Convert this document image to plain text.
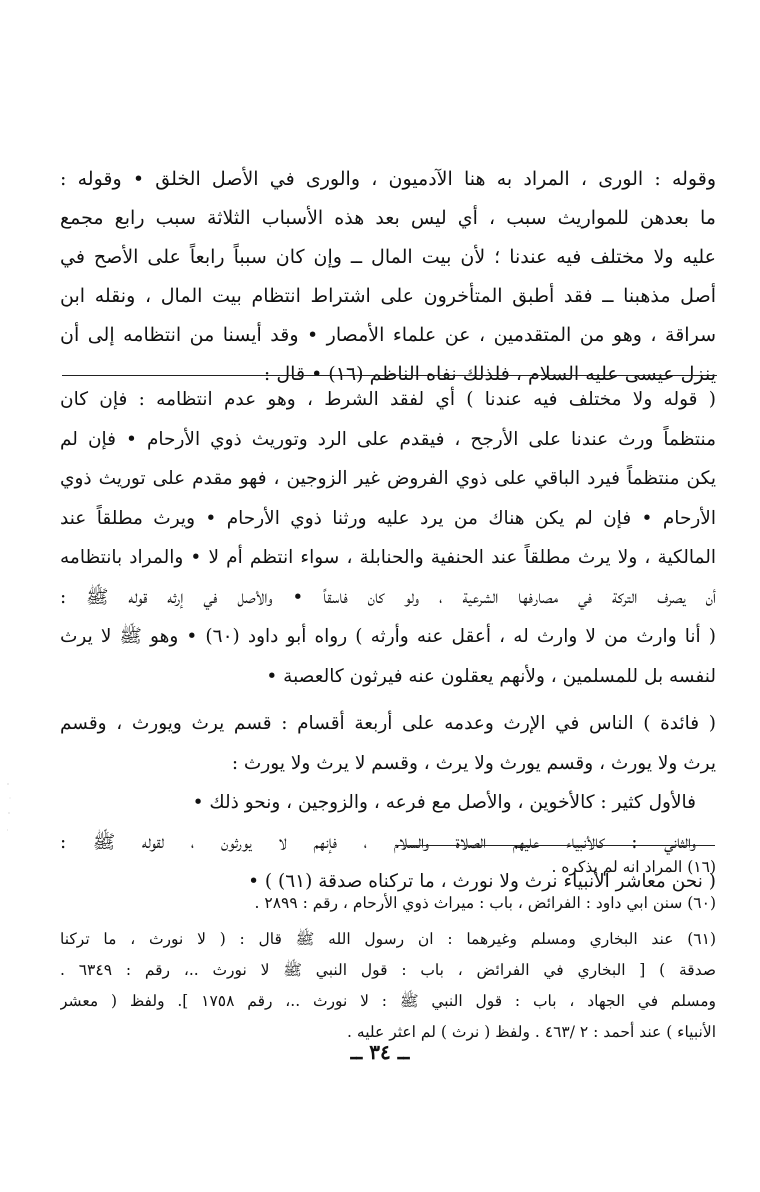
وقوله : الورى ، المراد به هنا الآدميون ، والورى في الأصل الخلق • وقوله :
ما بعدهن للمواريث سبب ، أي ليس بعد هذه الأسباب الثلاثة سبب رابع مجمع
عليه ولا مختلف فيه عندنا ؛ لأن بيت المال ــ وإن كان سبباً رابعاً على الأصح في
أصل مذهبنا ــ فقد أطبق المتأخرون على اشتراط انتظام بيت المال ، ونقله ابن
سراقة ، وهو من المتقدمين ، عن علماء الأمصار • وقد أيسنا من انتظامه إلى أن
ينزل عيسى عليه السلام ، فلذلك نفاه الناظم (١٦) • قال :
( قوله ولا مختلف فيه عندنا ) أي لفقد الشرط ، وهو عدم انتظامه : فإن كان
منتظماً ورث عندنا على الأرجح ، فيقدم على الرد وتوريث ذوي الأرحام • فإن لم
يكن منتظماً فيرد الباقي على ذوي الفروض غير الزوجين ، فهو مقدم على توريث ذوي
الأرحام • فإن لم يكن هناك من يرد عليه ورثنا ذوي الأرحام • ويرث مطلقاً عند
المالكية ، ولا يرث مطلقاً عند الحنفية والحنابلة ، سواء انتظم أم لا • والمراد بانتظامه
أن يصرف التركة في مصارفها الشرعية ، ولو كان فاسقاً • والأصل في إرثه قوله ﷺ :
( أنا وارث من لا وارث له ، أعقل عنه وأرثه ) رواه أبو داود (٦٠) • وهو ﷺ لا يرث
لنفسه بل للمسلمين ، ولأنهم يعقلون عنه فيرثون كالعصبة •
( فائدة ) الناس في الإرث وعدمه على أربعة أقسام : قسم يرث ويورث ، وقسم
يرث ولا يورث ، وقسم يورث ولا يرث ، وقسم لا يرث ولا يورث :
فالأول كثير : كالأخوين ، والأصل مع فرعه ، والزوجين ، ونحو ذلك •
والثاني : كالأنبياء عليهم الصلاة والسلام ، فإنهم لا يورثون ، لقوله ﷺ :
( نحن معاشر الأنبياء نرث ولا نورث ، ما تركناه صدقة (٦١) ) •
(١٦) المراد انه لم يذكره .
(٦٠) سنن ابي داود : الفرائض ، باب : ميراث ذوي الأرحام ، رقم : ٢٨٩٩ .
(٦١) عند البخاري ومسلم وغيرهما : ان رسول الله ﷺ قال : ( لا نورث ، ما تركنا
صدقة ) [ البخاري في الفرائض ، باب : قول النبي ﷺ لا نورث ..، رقم : ٦٣٤٩ .
ومسلم في الجهاد ، باب : قول النبي ﷺ : لا نورث ..، رقم ١٧٥٨ ]. ولفظ ( معشر
الأنبياء ) عند أحمد : ٢ /٤٦٣ . ولفظ ( نرث ) لم اعثر عليه .
ــ ٣٤ ــ
